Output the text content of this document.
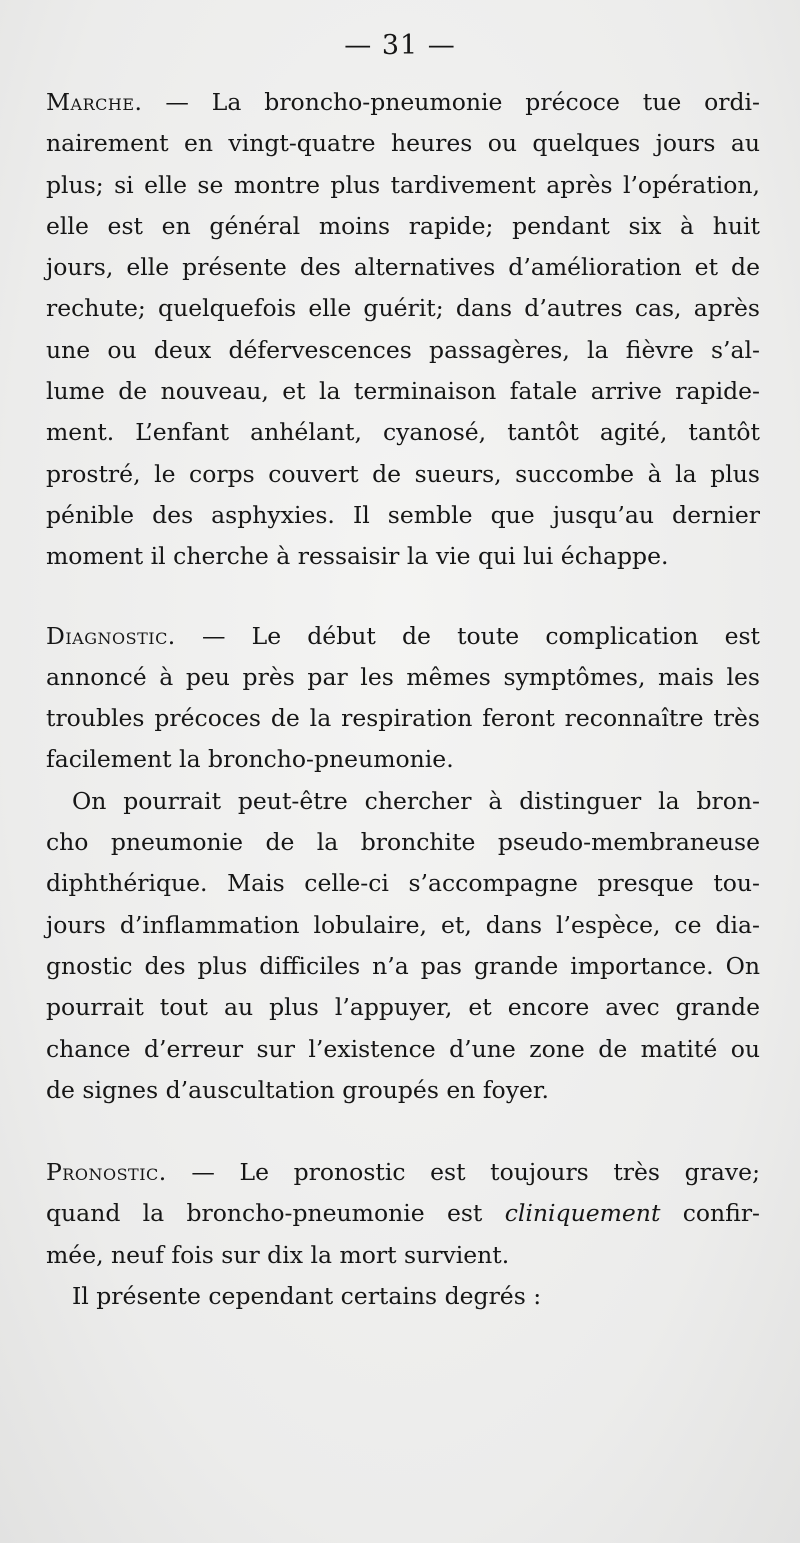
— 31 —
Marche. — La broncho-pneumonie précoce tue ordi-
nairement en vingt-quatre heures ou quelques jours au
plus; si elle se montre plus tardivement après l’opération,
elle est en général moins rapide; pendant six à huit
jours, elle présente des alternatives d’amélioration et de
rechute; quelquefois elle guérit; dans d’autres cas, après
une ou deux défervescences passagères, la fièvre s’al-
lume de nouveau, et la terminaison fatale arrive rapide-
ment. L’enfant anhélant, cyanosé, tantôt agité, tantôt
prostré, le corps couvert de sueurs, succombe à la plus
pénible des asphyxies. Il semble que jusqu’au dernier
moment il cherche à ressaisir la vie qui lui échappe.
Diagnostic. — Le début de toute complication est
annoncé à peu près par les mêmes symptômes, mais les
troubles précoces de la respiration feront reconnaître très
facilement la broncho-pneumonie.
On pourrait peut-être chercher à distinguer la bron-
cho pneumonie de la bronchite pseudo-membraneuse
diphthérique. Mais celle-ci s’accompagne presque tou-
jours d’inflammation lobulaire, et, dans l’espèce, ce dia-
gnostic des plus difficiles n’a pas grande importance. On
pourrait tout au plus l’appuyer, et encore avec grande
chance d’erreur sur l’existence d’une zone de matité ou
de signes d’auscultation groupés en foyer.
Pronostic. — Le pronostic est toujours très grave;
quand la broncho-pneumonie est cliniquement confir-
mée, neuf fois sur dix la mort survient.
Il présente cependant certains degrés :
